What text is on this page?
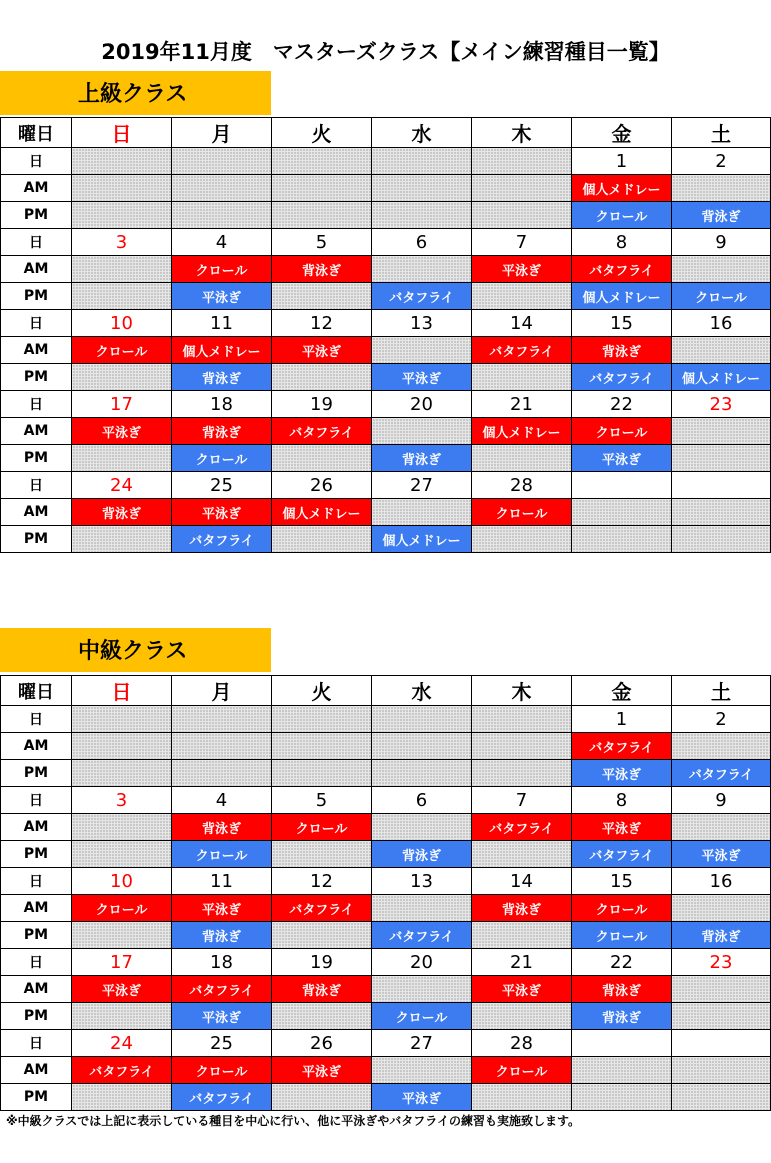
2019年11月度　マスターズクラス【メイン練習種目一覧】
上級クラス
曜日	日	月	火	水	木	金	土
日						1	2
AM						個人メドレー	
PM						クロール	背泳ぎ
日	3	4	5	6	7	8	9
AM		クロール	背泳ぎ		平泳ぎ	バタフライ	
PM		平泳ぎ		バタフライ		個人メドレー	クロール
日	10	11	12	13	14	15	16
AM	クロール	個人メドレー	平泳ぎ		バタフライ	背泳ぎ	
PM		背泳ぎ		平泳ぎ		バタフライ	個人メドレー
日	17	18	19	20	21	22	23
AM	平泳ぎ	背泳ぎ	バタフライ		個人メドレー	クロール	
PM		クロール		背泳ぎ		平泳ぎ	
日	24	25	26	27	28		
AM	背泳ぎ	平泳ぎ	個人メドレー		クロール		
PM		バタフライ		個人メドレー			
中級クラス
曜日	日	月	火	水	木	金	土
日						1	2
AM						バタフライ	
PM						平泳ぎ	バタフライ
日	3	4	5	6	7	8	9
AM		背泳ぎ	クロール		バタフライ	平泳ぎ	
PM		クロール		背泳ぎ		バタフライ	平泳ぎ
日	10	11	12	13	14	15	16
AM	クロール	平泳ぎ	バタフライ		背泳ぎ	クロール	
PM		背泳ぎ		バタフライ		クロール	背泳ぎ
日	17	18	19	20	21	22	23
AM	平泳ぎ	バタフライ	背泳ぎ		平泳ぎ	背泳ぎ	
PM		平泳ぎ		クロール		背泳ぎ	
日	24	25	26	27	28		
AM	バタフライ	クロール	平泳ぎ		クロール		
PM		バタフライ		平泳ぎ			
※中級クラスでは上記に表示している種目を中心に行い、他に平泳ぎやバタフライの練習も実施致します。
